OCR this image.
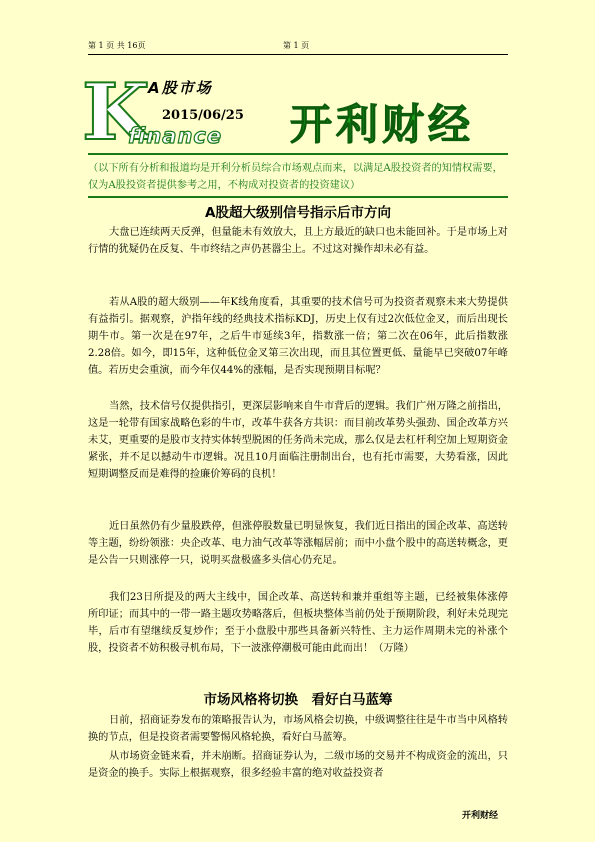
第 1 页 共 16页	第 1 页
K
A股市场
2015/06/25
finance 开利财经
（以下所有分析和报道均是开利分析员综合市场观点而来，以满足A股投资者的知情权需要，仅为A股投资者提供参考之用，不构成对投资者的投资建议）
A股超大级别信号指示后市方向

大盘已连续两天反弹，但量能未有效放大，且上方最近的缺口也未能回补。于是市场上对行情的犹疑仍在反复、牛市终结之声仍甚嚣尘上。不过这对操作却未必有益。

若从A股的超大级别——年K线角度看，其重要的技术信号可为投资者观察未来大势提供有益指引。据观察，沪指年线的经典技术指标KDJ，历史上仅有过2次低位金叉，而后出现长期牛市。第一次是在97年，之后牛市延续3年，指数涨一倍；第二次在06年，此后指数涨2.28倍。如今，即15年，这种低位金叉第三次出现，而且其位置更低、量能早已突破07年峰值。若历史会重演，而今年仅44%的涨幅，是否实现预期目标呢？

当然，技术信号仅提供指引，更深层影响来自牛市背后的逻辑。我们广州万隆之前指出，这是一轮带有国家战略色彩的牛市，改革牛获各方共识：而目前改革势头强劲、国企改革方兴未艾，更重要的是股市支持实体转型脱困的任务尚未完成，那么仅是去杠杆利空加上短期资金紧张，并不足以撼动牛市逻辑。况且10月面临注册制出台，也有托市需要，大势看涨，因此短期调整反而是难得的捡廉价筹码的良机！

近日虽然仍有少量股跌停，但涨停股数量已明显恢复，我们近日指出的国企改革、高送转等主题，纷纷领涨：央企改革、电力油气改革等涨幅居前；而中小盘个股中的高送转概念，更是公告一只则涨停一只，说明买盘极盛多头信心仍充足。

我们23日所提及的两大主线中，国企改革、高送转和兼并重组等主题，已经被集体涨停所印证；而其中的一带一路主题攻势略落后，但板块整体当前仍处于预期阶段，利好未兑现完毕，后市有望继续反复炒作；至于小盘股中那些具备新兴特性、主力运作周期未完的补涨个股，投资者不妨积极寻机布局，下一波涨停潮极可能由此而出！（万隆）

市场风格将切换　看好白马蓝筹

日前，招商证券发布的策略报告认为，市场风格会切换，中级调整往往是牛市当中风格转换的节点，但是投资者需要警惕风格轮换，看好白马蓝筹。

从市场资金链来看，并未崩断。招商证券认为，二级市场的交易并不构成资金的流出，只是资金的换手。实际上根据观察，很多经验丰富的绝对收益投资者

开利财经
